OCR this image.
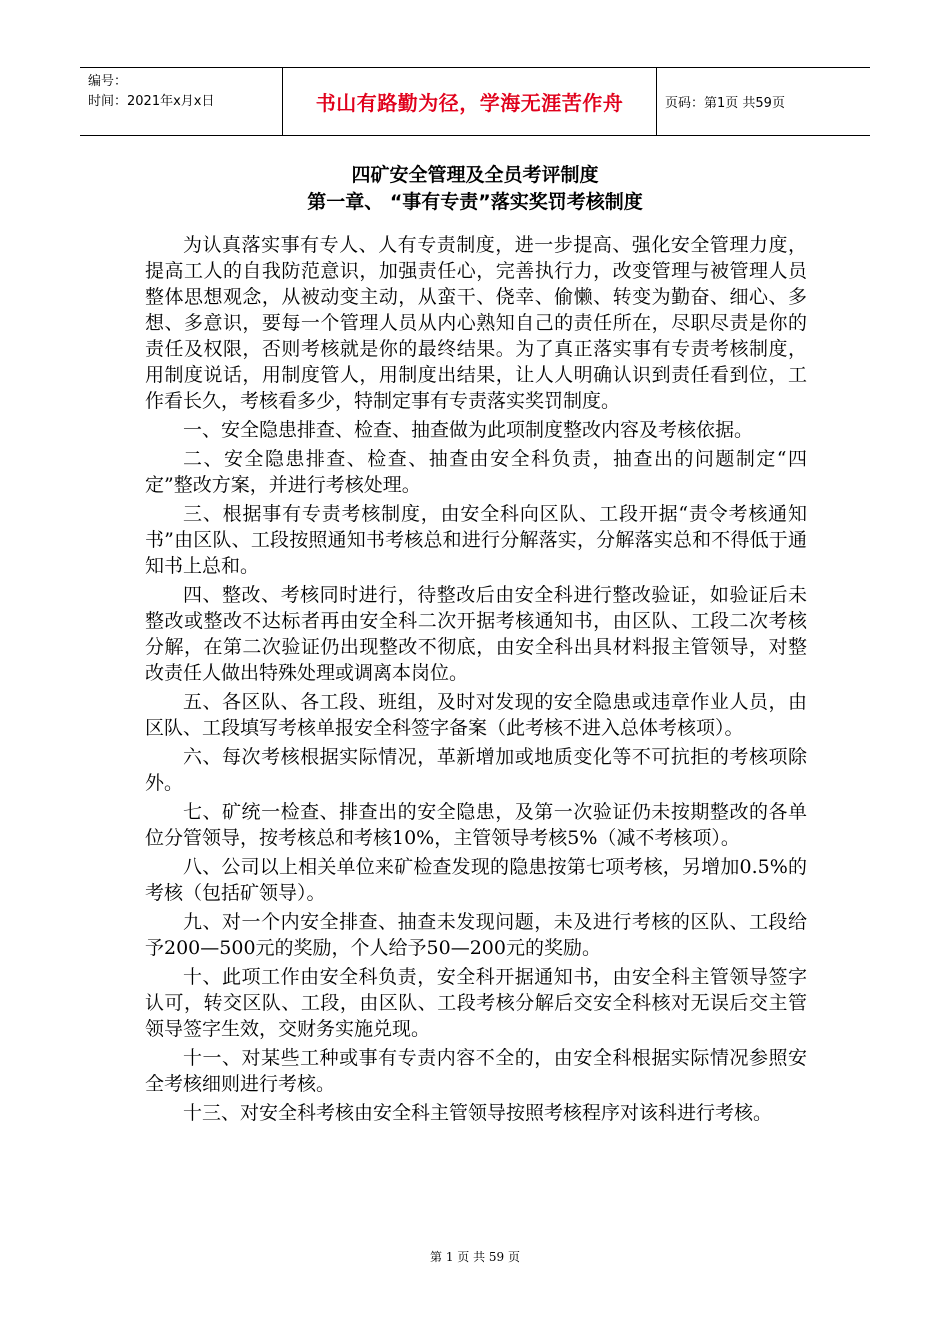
编号：
时间：2021年x月x日	书山有路勤为径，学海无涯苦作舟	页码：第1页 共59页
四矿安全管理及全员考评制度
第一章、 “事有专责”落实奖罚考核制度

为认真落实事有专人、人有专责制度，进一步提高、强化安全管理力度，提高工人的自我防范意识，加强责任心，完善执行力，改变管理与被管理人员整体思想观念，从被动变主动，从蛮干、侥幸、偷懒、转变为勤奋、细心、多想、多意识，要每一个管理人员从内心熟知自己的责任所在，尽职尽责是你的责任及权限，否则考核就是你的最终结果。为了真正落实事有专责考核制度，用制度说话，用制度管人，用制度出结果，让人人明确认识到责任看到位，工作看长久，考核看多少，特制定事有专责落实奖罚制度。

一、安全隐患排查、检查、抽查做为此项制度整改内容及考核依据。

二、安全隐患排查、检查、抽查由安全科负责，抽查出的问题制定“四定”整改方案，并进行考核处理。

三、根据事有专责考核制度，由安全科向区队、工段开据“责令考核通知书”由区队、工段按照通知书考核总和进行分解落实，分解落实总和不得低于通知书上总和。

四、整改、考核同时进行，待整改后由安全科进行整改验证，如验证后未整改或整改不达标者再由安全科二次开据考核通知书，由区队、工段二次考核分解，在第二次验证仍出现整改不彻底，由安全科出具材料报主管领导，对整改责任人做出特殊处理或调离本岗位。

五、各区队、各工段、班组，及时对发现的安全隐患或违章作业人员，由区队、工段填写考核单报安全科签字备案（此考核不进入总体考核项）。

六、每次考核根据实际情况，革新增加或地质变化等不可抗拒的考核项除外。

七、矿统一检查、排查出的安全隐患，及第一次验证仍未按期整改的各单位分管领导，按考核总和考核10%，主管领导考核5%（减不考核项）。

八、公司以上相关单位来矿检查发现的隐患按第七项考核，另增加0.5%的考核（包括矿领导）。

九、对一个内安全排查、抽查未发现问题，未及进行考核的区队、工段给予200—500元的奖励，个人给予50—200元的奖励。

十、此项工作由安全科负责，安全科开据通知书，由安全科主管领导签字认可，转交区队、工段，由区队、工段考核分解后交安全科核对无误后交主管领导签字生效，交财务实施兑现。

十一、对某些工种或事有专责内容不全的，由安全科根据实际情况参照安全考核细则进行考核。

十三、对安全科考核由安全科主管领导按照考核程序对该科进行考核。

第 1 页 共 59 页
